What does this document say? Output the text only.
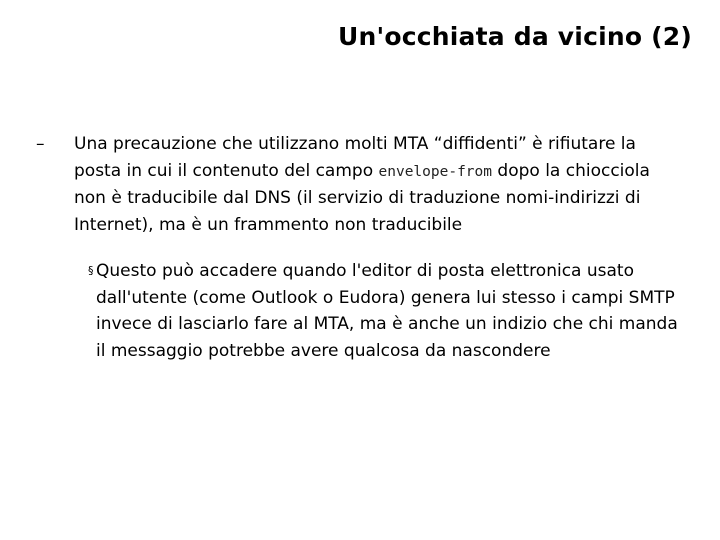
Un'occhiata da vicino (2)
–	Una precauzione che utilizzano molti MTA “diffidenti” è rifiutare la posta in cui il contenuto del campo envelope-from dopo la chiocciola non è traducibile dal DNS (il servizio di traduzione nomi-indirizzi di Internet), ma è un frammento non traducibile
§ Questo può accadere quando l'editor di posta elettronica usato dall'utente (come Outlook o Eudora) genera lui stesso i campi SMTP invece di lasciarlo fare al MTA, ma è anche un indizio che chi manda il messaggio potrebbe avere qualcosa da nascondere
